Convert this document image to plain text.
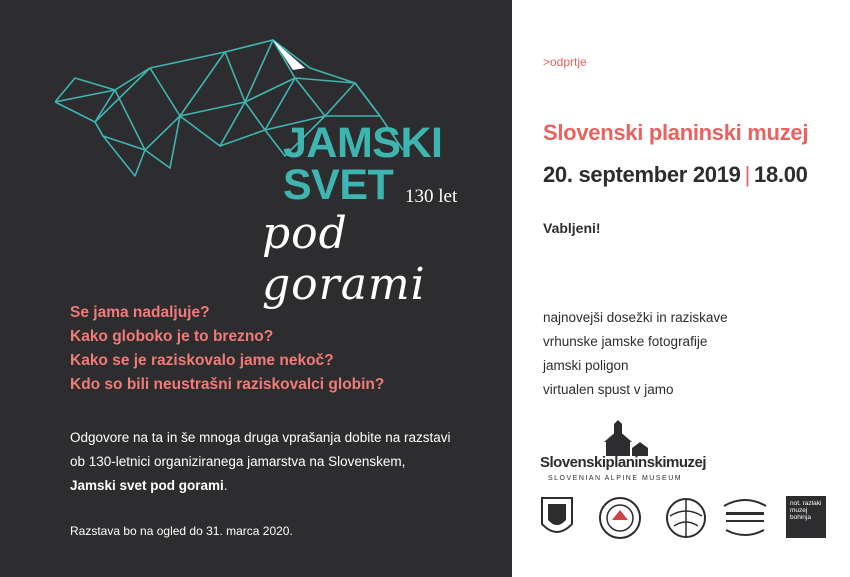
JAMSKI
SVET 130 let
pod gorami
Se jama nadaljuje?
Kako globoko je to brezno?
Kako se je raziskovalo jame nekoč?
Kdo so bili neustrašni raziskovalci globin?
Odgovore na ta in še mnoga druga vprašanja dobite na razstavi
ob 130-letnici organiziranega jamarstva na Slovenskem,
Jamski svet pod gorami.
Razstava bo na ogled do 31. marca 2020.
>odprtje
Slovenski planinski muzej
20. september 2019 | 18.00
Vabljeni!
najnovejši dosežki in raziskave
vrhunske jamske fotografije
jamski poligon
virtualen spust v jamo
Slovenskiplaninskimuzej
SLOVENIAN ALPINE MUSEUM
not. razlaki muzej bohinja
